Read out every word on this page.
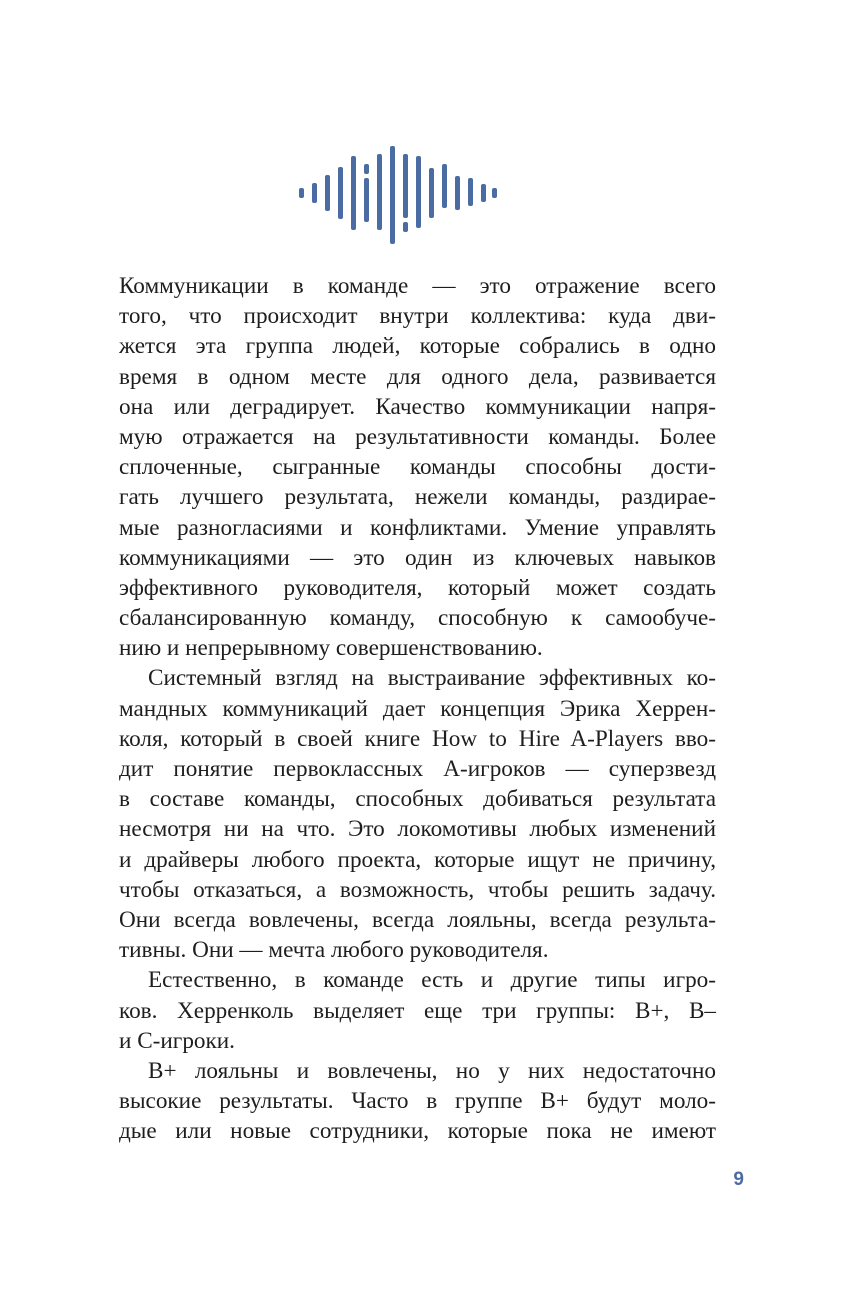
Коммуникации в команде — это отражение всего
того, что происходит внутри коллектива: куда дви-
жется эта группа людей, которые собрались в одно
время в одном месте для одного дела, развивается
она или деградирует. Качество коммуникации напря-
мую отражается на результативности команды. Более
сплоченные, сыгранные команды способны дости-
гать лучшего результата, нежели команды, раздирае-
мые разногласиями и конфликтами. Умение управлять
коммуникациями — это один из ключевых навыков
эффективного руководителя, который может создать
сбалансированную команду, способную к самообуче-
нию и непрерывному совершенствованию.
Системный взгляд на выстраивание эффективных ко-
мандных коммуникаций дает концепция Эрика Херрен-
коля, который в своей книге How to Hire A-Players вво-
дит понятие первоклассных А-игроков — суперзвезд
в составе команды, способных добиваться результата
несмотря ни на что. Это локомотивы любых изменений
и драйверы любого проекта, которые ищут не причину,
чтобы отказаться, а возможность, чтобы решить задачу.
Они всегда вовлечены, всегда лояльны, всегда результа-
тивны. Они — мечта любого руководителя.
Естественно, в команде есть и другие типы игро-
ков. Херренколь выделяет еще три группы: B+, B–
и C-игроки.
B+ лояльны и вовлечены, но у них недостаточно
высокие результаты. Часто в группе B+ будут моло-
дые или новые сотрудники, которые пока не имеют
9
